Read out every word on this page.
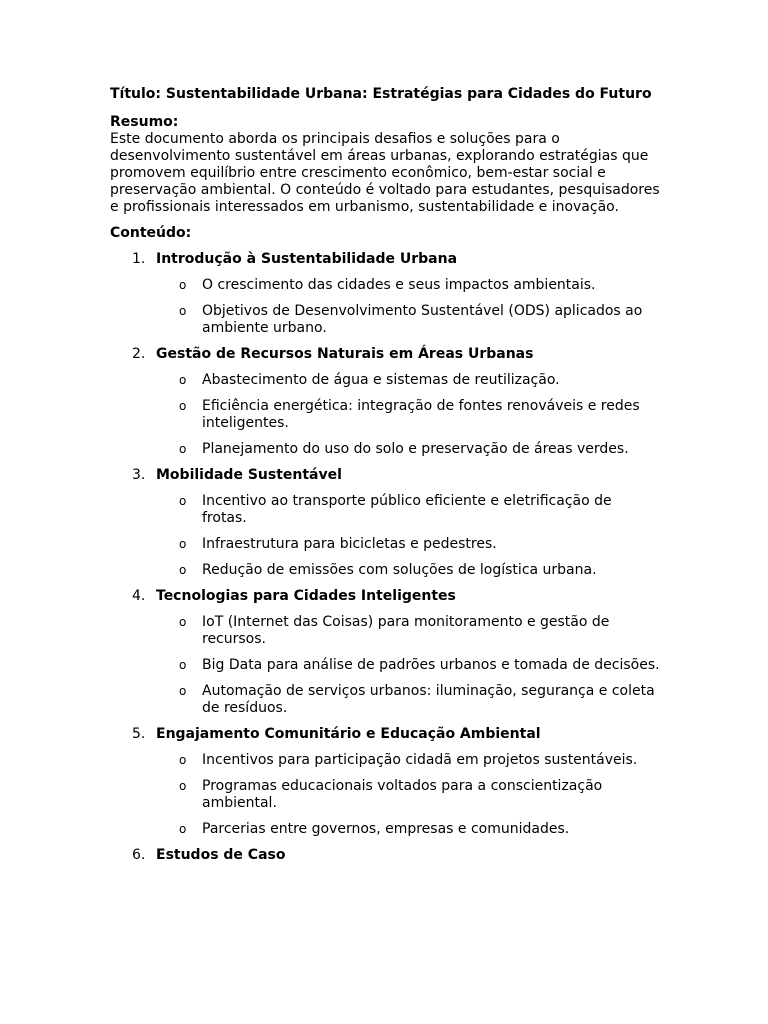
Título: Sustentabilidade Urbana: Estratégias para Cidades do Futuro

Resumo:

Este documento aborda os principais desafios e soluções para o desenvolvimento sustentável em áreas urbanas, explorando estratégias que promovem equilíbrio entre crescimento econômico, bem-estar social e preservação ambiental. O conteúdo é voltado para estudantes, pesquisadores e profissionais interessados em urbanismo, sustentabilidade e inovação.

Conteúdo:

1. Introdução à Sustentabilidade Urbana
o O crescimento das cidades e seus impactos ambientais.
o Objetivos de Desenvolvimento Sustentável (ODS) aplicados ao ambiente urbano.
2. Gestão de Recursos Naturais em Áreas Urbanas
o Abastecimento de água e sistemas de reutilização.
o Eficiência energética: integração de fontes renováveis e redes inteligentes.
o Planejamento do uso do solo e preservação de áreas verdes.
3. Mobilidade Sustentável
o Incentivo ao transporte público eficiente e eletrificação de frotas.
o Infraestrutura para bicicletas e pedestres.
o Redução de emissões com soluções de logística urbana.
4. Tecnologias para Cidades Inteligentes
o IoT (Internet das Coisas) para monitoramento e gestão de recursos.
o Big Data para análise de padrões urbanos e tomada de decisões.
o Automação de serviços urbanos: iluminação, segurança e coleta de resíduos.
5. Engajamento Comunitário e Educação Ambiental
o Incentivos para participação cidadã em projetos sustentáveis.
o Programas educacionais voltados para a conscientização ambiental.
o Parcerias entre governos, empresas e comunidades.
6. Estudos de Caso
